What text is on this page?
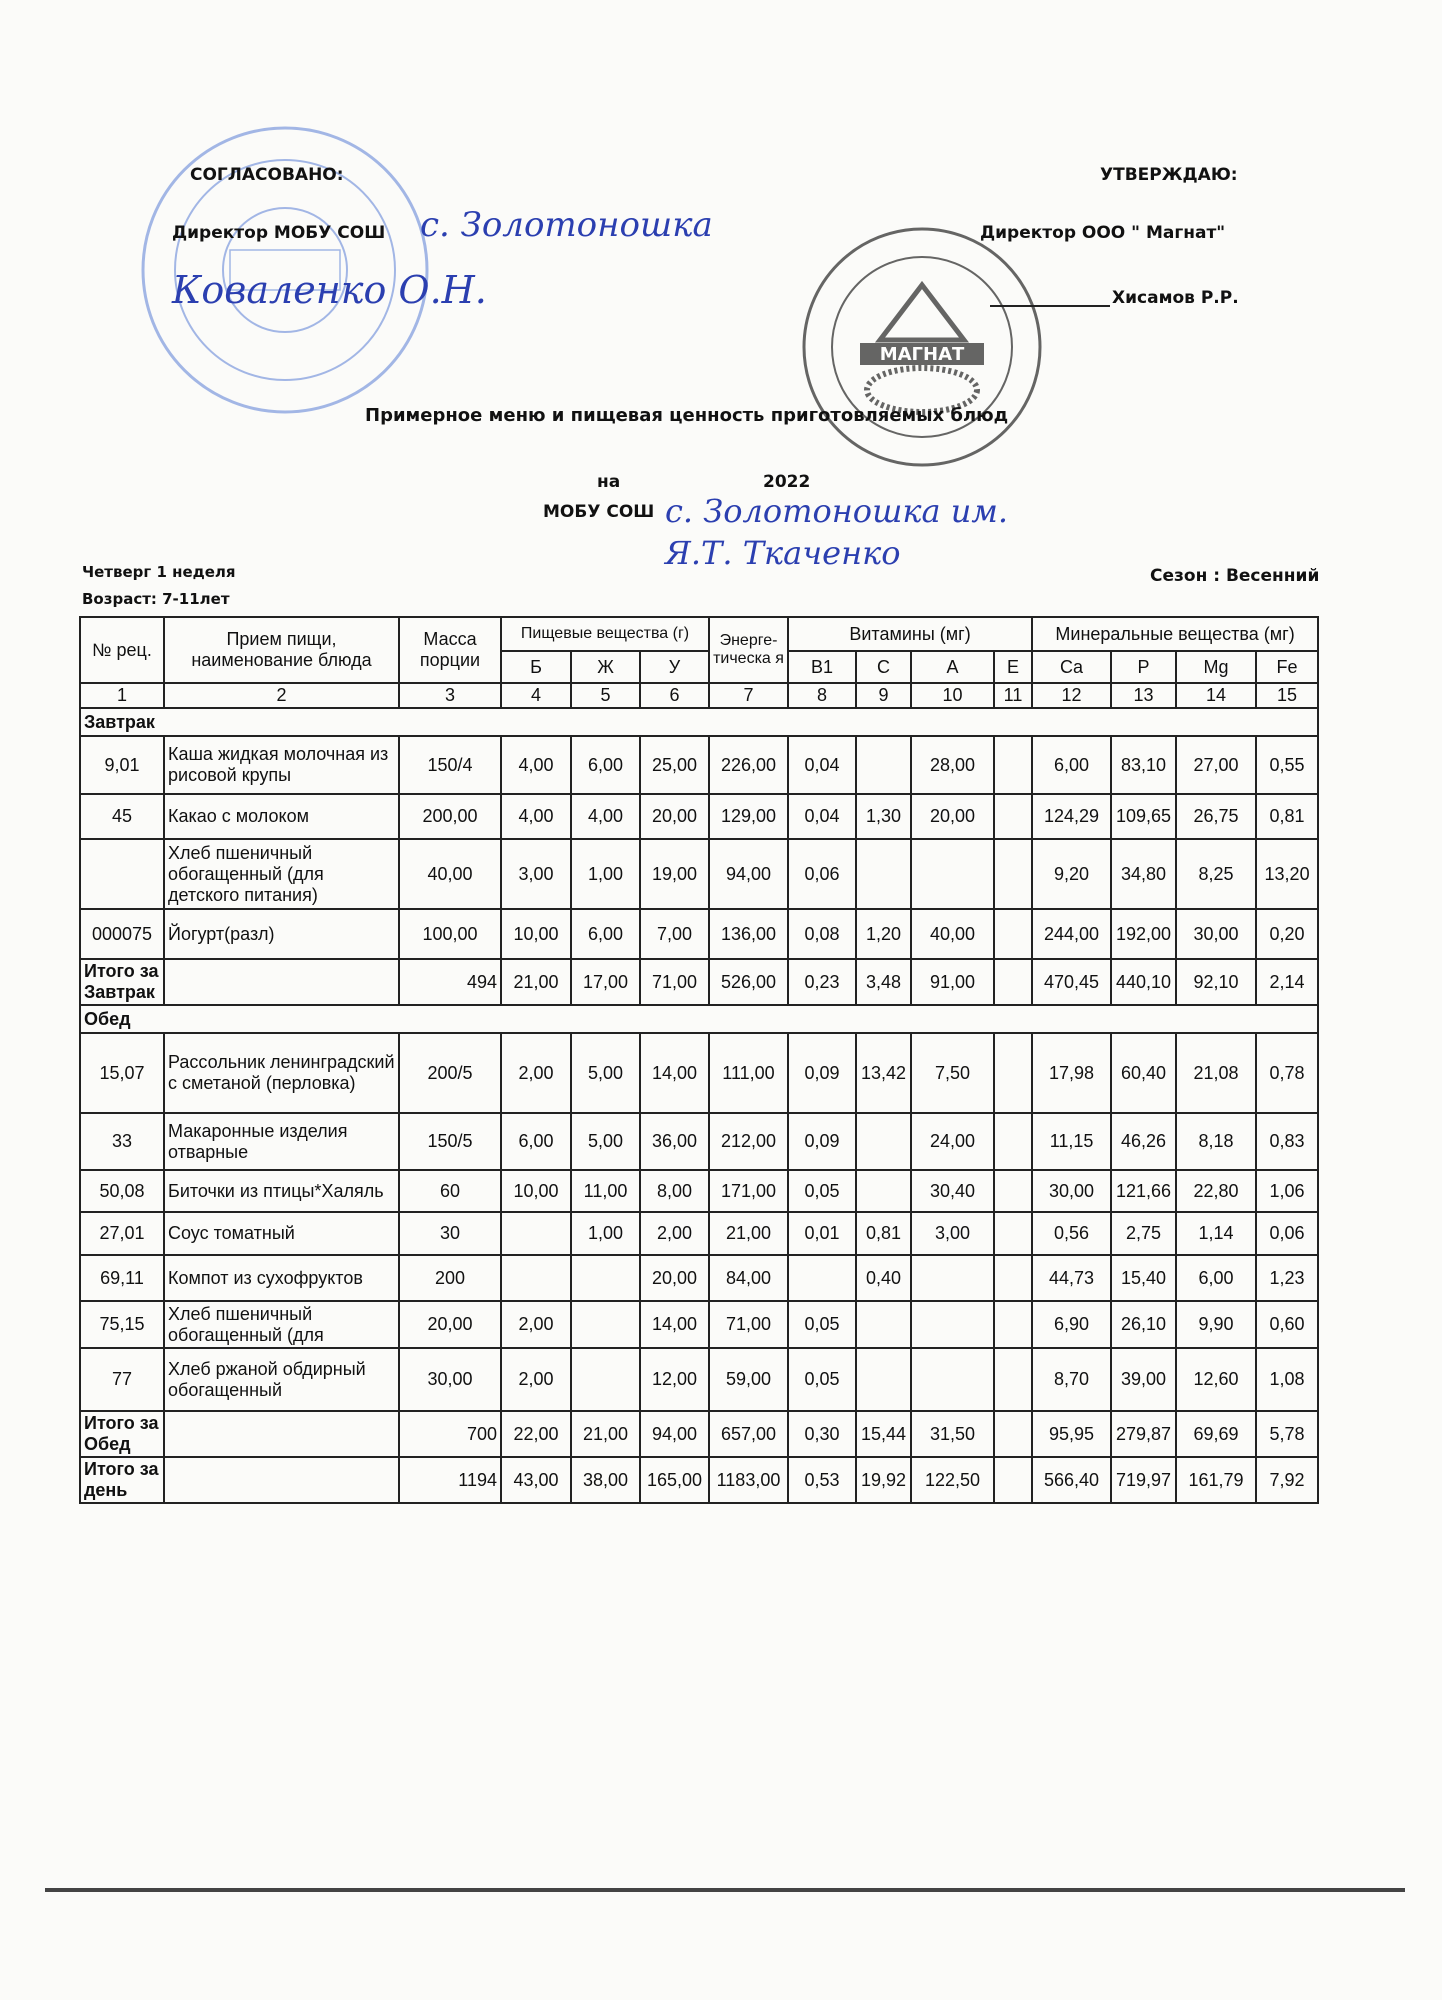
СОГЛАСОВАНО:
Директор МОБУ СОШ с. Золотоношка
Коваленко О.Н.
МАГНАТ
УТВЕРЖДАЮ:
Директор ООО " Магнат"
Хисамов Р.Р.
Примерное меню и пищевая ценность приготовляемых блюд
на	2022
МОБУ СОШ с. Золотоношка им. Я.Т. Ткаченко
Четверг 1 неделя
Возраст: 7-11лет
Сезон : Весенний
№ рец.	Прием пищи, наименование блюда	Масса порции	Пищевые вещества (г)			Энерге-тическа я	Витамины (мг)				Минеральные вещества (мг)			
			Б	Ж	У		B1	C	A	E	Ca	P	Mg	Fe
1	2	3	4	5	6	7	8	9	10	11	12	13	14	15
Завтрак														
9,01	Каша жидкая молочная из рисовой крупы	150/4	4,00	6,00	25,00	226,00	0,04		28,00		6,00	83,10	27,00	0,55
45	Какао с молоком	200,00	4,00	4,00	20,00	129,00	0,04	1,30	20,00		124,29	109,65	26,75	0,81
	Хлеб пшеничный обогащенный (для детского питания)	40,00	3,00	1,00	19,00	94,00	0,06				9,20	34,80	8,25	13,20
000075	Йогурт(разл)	100,00	10,00	6,00	7,00	136,00	0,08	1,20	40,00		244,00	192,00	30,00	0,20
Итого за Завтрак		494	21,00	17,00	71,00	526,00	0,23	3,48	91,00		470,45	440,10	92,10	2,14
Обед														
15,07	Рассольник ленинградский с сметаной (перловка)	200/5	2,00	5,00	14,00	111,00	0,09	13,42	7,50		17,98	60,40	21,08	0,78
33	Макаронные изделия отварные	150/5	6,00	5,00	36,00	212,00	0,09		24,00		11,15	46,26	8,18	0,83
50,08	Биточки из птицы*Халяль	60	10,00	11,00	8,00	171,00	0,05		30,40		30,00	121,66	22,80	1,06
27,01	Соус томатный	30		1,00	2,00	21,00	0,01	0,81	3,00		0,56	2,75	1,14	0,06
69,11	Компот из сухофруктов	200			20,00	84,00		0,40			44,73	15,40	6,00	1,23
75,15	Хлеб пшеничный обогащенный (для	20,00	2,00		14,00	71,00	0,05				6,90	26,10	9,90	0,60
77	Хлеб ржаной обдирный обогащенный	30,00	2,00		12,00	59,00	0,05				8,70	39,00	12,60	1,08
Итого за Обед		700	22,00	21,00	94,00	657,00	0,30	15,44	31,50		95,95	279,87	69,69	5,78
Итого за день		1194	43,00	38,00	165,00	1183,00	0,53	19,92	122,50		566,40	719,97	161,79	7,92
